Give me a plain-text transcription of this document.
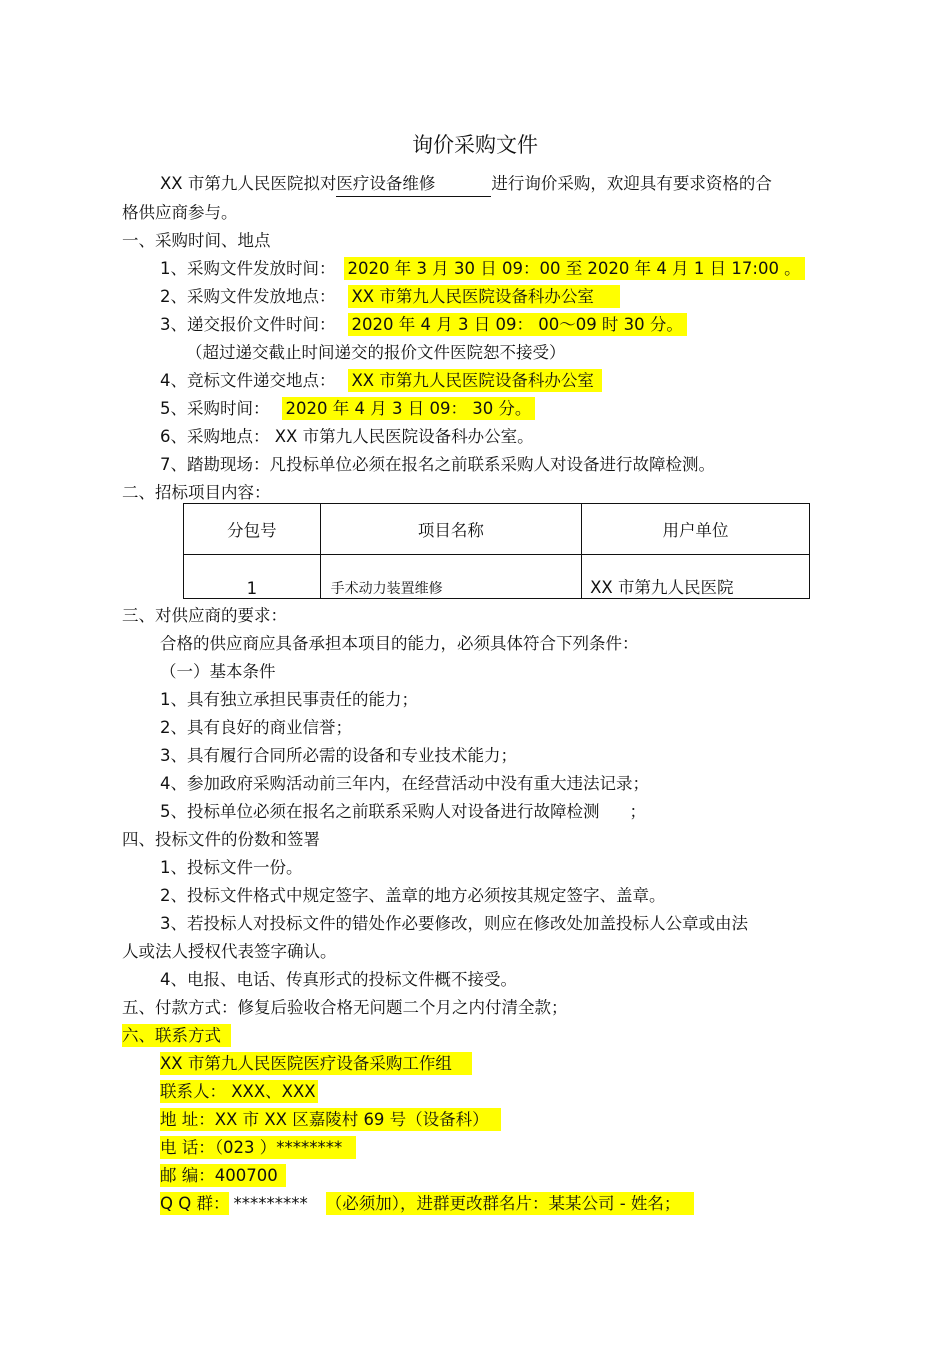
询价采购文件
XX 市第九人民医院拟对医疗设备维修	进行询价采购，欢迎具有要求资格的合
格供应商参与。
一、采购时间、地点
1、采购文件发放时间： 2020 年 3 月 30 日 09：00 至 2020 年 4 月 1 日 17:00 。
2、采购文件发放地点： XX 市第九人民医院设备科办公室
3、递交报价文件时间： 2020 年 4 月 3 日 09： 00～09 时 30 分。
（超过递交截止时间递交的报价文件医院恕不接受）
4、竞标文件递交地点： XX 市第九人民医院设备科办公室
5、采购时间： 2020 年 4 月 3 日 09： 30 分。
6、采购地点： XX 市第九人民医院设备科办公室。
7、踏勘现场：凡投标单位必须在报名之前联系采购人对设备进行故障检测。
二、招标项目内容：
分包号	项目名称	用户单位
1	手术动力装置维修	XX 市第九人民医院
三、对供应商的要求：
合格的供应商应具备承担本项目的能力，必须具体符合下列条件：
（一）基本条件
1、具有独立承担民事责任的能力；
2、具有良好的商业信誉；
3、具有履行合同所必需的设备和专业技术能力；
4、参加政府采购活动前三年内，在经营活动中没有重大违法记录；
5、投标单位必须在报名之前联系采购人对设备进行故障检测 ；
四、投标文件的份数和签署
1、投标文件一份。
2、投标文件格式中规定签字、盖章的地方必须按其规定签字、盖章。
3、若投标人对投标文件的错处作必要修改，则应在修改处加盖投标人公章或由法
人或法人授权代表签字确认。
4、电报、电话、传真形式的投标文件概不接受。
五、付款方式：修复后验收合格无问题二个月之内付清全款；
六、联系方式
XX 市第九人民医院医疗设备采购工作组
联系人： XXX、XXX
地 址：XX 市 XX 区嘉陵村 69 号（设备科）
电 话：（023 ）********
邮 编：400700
Q Q 群： ********* （必须加），进群更改群名片：某某公司 - 姓名；
